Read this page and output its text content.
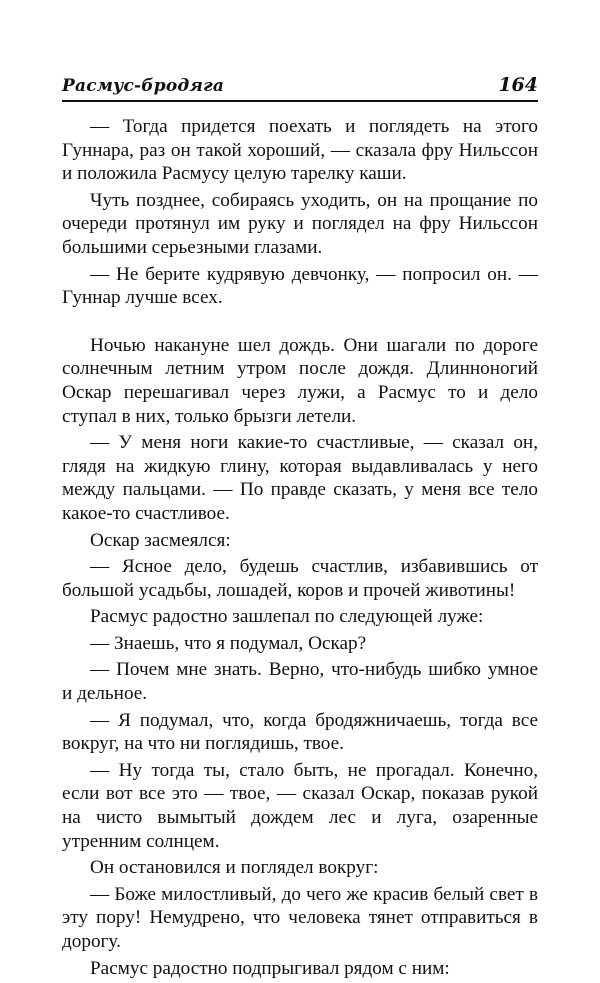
Расмус-бродяга	164

— Тогда придется поехать и поглядеть на этого Гуннара, раз он такой хороший, — сказала фру Нильссон и положила Расмусу целую тарелку каши.

Чуть позднее, собираясь уходить, он на прощание по очереди протянул им руку и поглядел на фру Нильссон большими серьезными глазами.

— Не берите кудрявую девчонку, — попросил он. — Гуннар лучше всех.

Ночью накануне шел дождь. Они шагали по дороге солнечным летним утром после дождя. Длинноногий Оскар перешагивал через лужи, а Расмус то и дело ступал в них, только брызги летели.

— У меня ноги какие-то счастливые, — сказал он, глядя на жидкую глину, которая выдавливалась у него между пальцами. — По правде сказать, у меня все тело какое-то счастливое.

Оскар засмеялся:

— Ясное дело, будешь счастлив, избавившись от большой усадьбы, лошадей, коров и прочей животины!

Расмус радостно зашлепал по следующей луже:

— Знаешь, что я подумал, Оскар?

— Почем мне знать. Верно, что-нибудь шибко умное и дельное.

— Я подумал, что, когда бродяжничаешь, тогда все вокруг, на что ни поглядишь, твое.

— Ну тогда ты, стало быть, не прогадал. Конечно, если вот все это — твое, — сказал Оскар, показав рукой на чисто вымытый дождем лес и луга, озаренные утренним солнцем.

Он остановился и поглядел вокруг:

— Боже милостливый, до чего же красив белый свет в эту пору! Немудрено, что человека тянет отправиться в дорогу.

Расмус радостно подпрыгивал рядом с ним:
